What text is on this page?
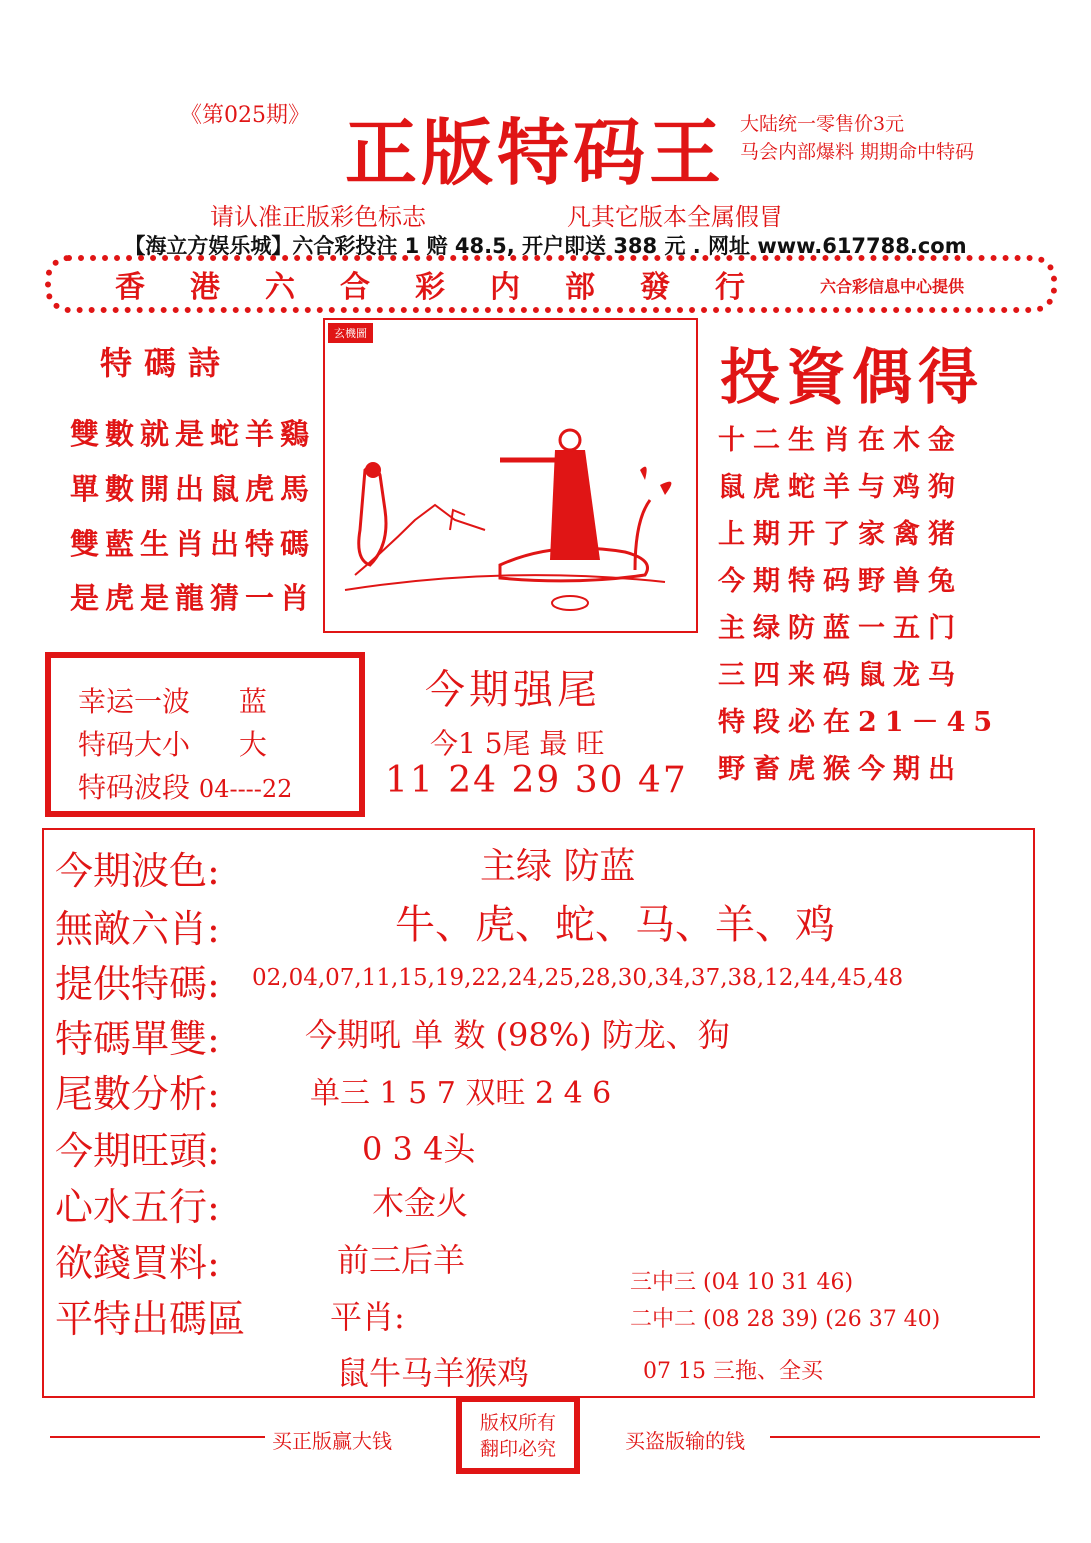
《第025期》 正版特码王 大陆统一零售价3元
马会内部爆料 期期命中特码
请认准正版彩色标志	凡其它版本全属假冒
【海立方娱乐城】六合彩投注 1 赔 48.5, 开户即送 388 元 . 网址 www.617788.com
香港六合彩内部發行 六合彩信息中心提供
特碼詩
雙數就是蛇羊鷄
單數開出鼠虎馬
雙藍生肖出特碼
是虎是龍猜一肖
玄機圖
投資偶得
十二生肖在木金
鼠虎蛇羊与鸡狗
上期开了家禽猪
今期特码野兽兔
主绿防蓝一五门
三四来码鼠龙马
特段必在21－45
野畜虎猴今期出
幸运一波 蓝
特码大小 大
特码波段 04----22
今期强尾
今1 5尾 最 旺
11 24 29 30 47
今期波色:	主绿 防蓝
無敵六肖:	牛、虎、蛇、马、羊、鸡
提供特碼: 02,04,07,11,15,19,22,24,25,28,30,34,37,38,12,44,45,48
特碼單雙:	今期吼 单 数 (98%) 防龙、狗
尾數分析:	单三 1 5 7 双旺 2 4 6
今期旺頭:	0 3 4头
心水五行:	木金火
欲錢買料:	前三后羊
平特出碼區	平肖:
鼠牛马羊猴鸡
三中三 (04 10 31 46)
二中二 (08 28 39) (26 37 40)
07 15 三拖、全买
买正版赢大钱
版权所有
翻印必究	买盗版输的钱
